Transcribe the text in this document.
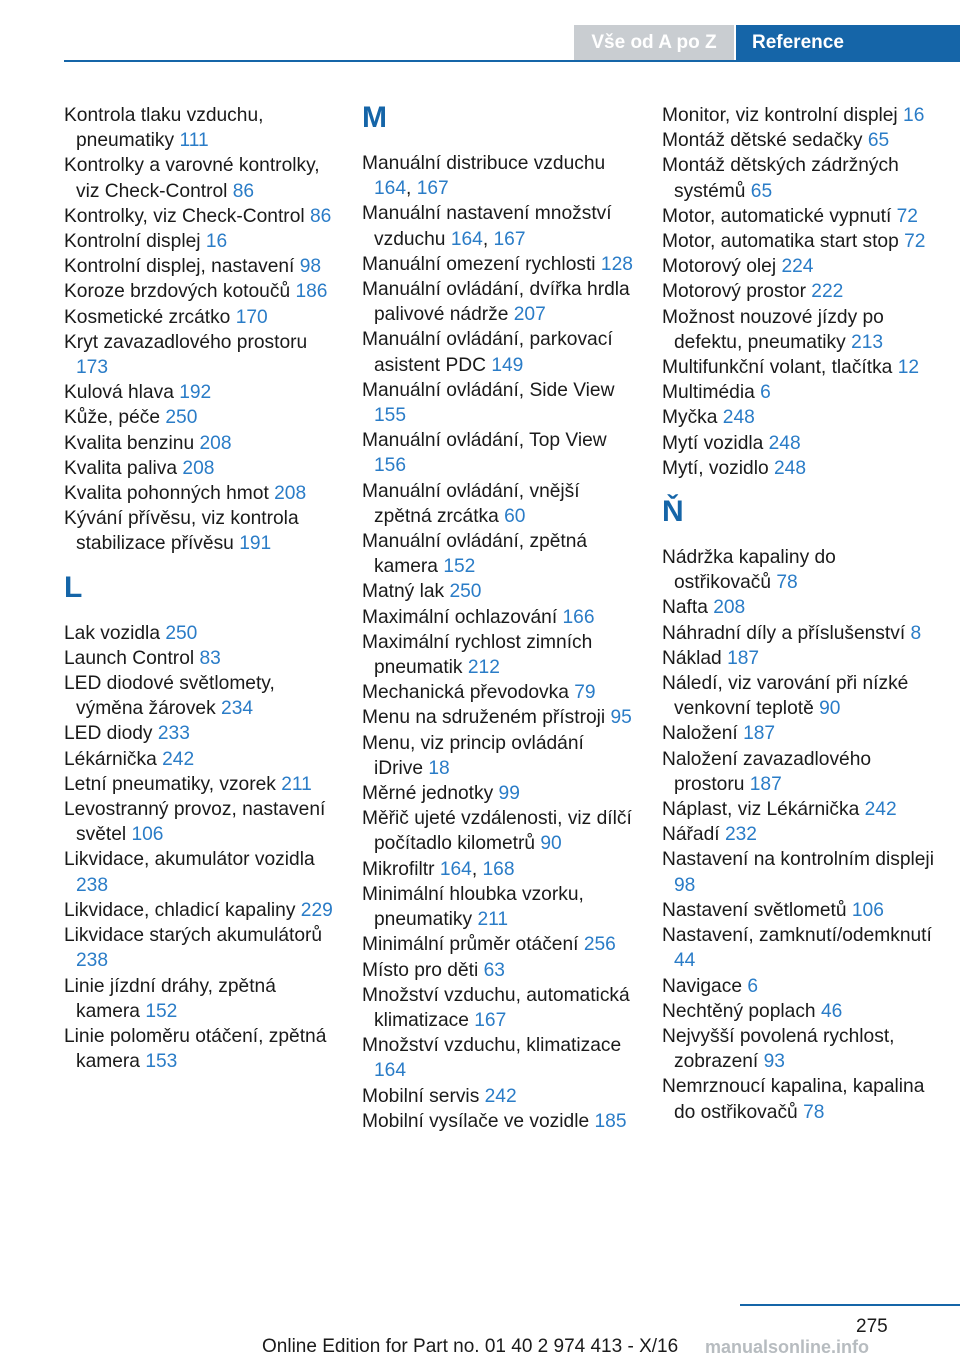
Vše od A po Z	Reference
Kontrola tlaku vzduchu, pneumatiky 111
Kontrolky a varovné kontrolky, viz Check-Control 86
Kontrolky, viz Check-Control 86
Kontrolní displej 16
Kontrolní displej, nastavení 98
Koroze brzdových kotoučů 186
Kosmetické zrcátko 170
Kryt zavazadlového prostoru 173
Kulová hlava 192
Kůže, péče 250
Kvalita benzinu 208
Kvalita paliva 208
Kvalita pohonných hmot 208
Kývání přívěsu, viz kontrola stabilizace přívěsu 191
L
Lak vozidla 250
Launch Control 83
LED diodové světlomety, výměna žárovek 234
LED diody 233
Lékárnička 242
Letní pneumatiky, vzorek 211
Levostranný provoz, nastavení světel 106
Likvidace, akumulátor vozidla 238
Likvidace, chladicí kapaliny 229
Likvidace starých akumulátorů 238
Linie jízdní dráhy, zpětná kamera 152
Linie poloměru otáčení, zpětná kamera 153
M
Manuální distribuce vzduchu 164, 167
Manuální nastavení množství vzduchu 164, 167
Manuální omezení rychlosti 128
Manuální ovládání, dvířka hrdla palivové nádrže 207
Manuální ovládání, parkovací asistent PDC 149
Manuální ovládání, Side View 155
Manuální ovládání, Top View 156
Manuální ovládání, vnější zpětná zrcátka 60
Manuální ovládání, zpětná kamera 152
Matný lak 250
Maximální ochlazování 166
Maximální rychlost zimních pneumatik 212
Mechanická převodovka 79
Menu na sdruženém přístroji 95
Menu, viz princip ovládání iDrive 18
Měrné jednotky 99
Měřič ujeté vzdálenosti, viz dílčí počítadlo kilometrů 90
Mikrofiltr 164, 168
Minimální hloubka vzorku, pneumatiky 211
Minimální průměr otáčení 256
Místo pro děti 63
Množství vzduchu, automatická klimatizace 167
Množství vzduchu, klimatizace 164
Mobilní servis 242
Mobilní vysílače ve vozidle 185
Monitor, viz kontrolní displej 16
Montáž dětské sedačky 65
Montáž dětských zádržných systémů 65
Motor, automatické vypnutí 72
Motor, automatika start stop 72
Motorový olej 224
Motorový prostor 222
Možnost nouzové jízdy po defektu, pneumatiky 213
Multifunkční volant, tlačítka 12
Multimédia 6
Myčka 248
Mytí vozidla 248
Mytí, vozidlo 248
Ň
Nádržka kapaliny do ostřikovačů 78
Nafta 208
Náhradní díly a příslušenství 8
Náklad 187
Náledí, viz varování při nízké venkovní teplotě 90
Naložení 187
Naložení zavazadlového prostoru 187
Náplast, viz Lékárnička 242
Nářadí 232
Nastavení na kontrolním displeji 98
Nastavení světlometů 106
Nastavení, zamknutí/odemknutí 44
Navigace 6
Nechtěný poplach 46
Nejvyšší povolená rychlost, zobrazení 93
Nemrznoucí kapalina, kapalina do ostřikovačů 78
275
Online Edition for Part no. 01 40 2 974 413 - X/16 manualsonline.info
